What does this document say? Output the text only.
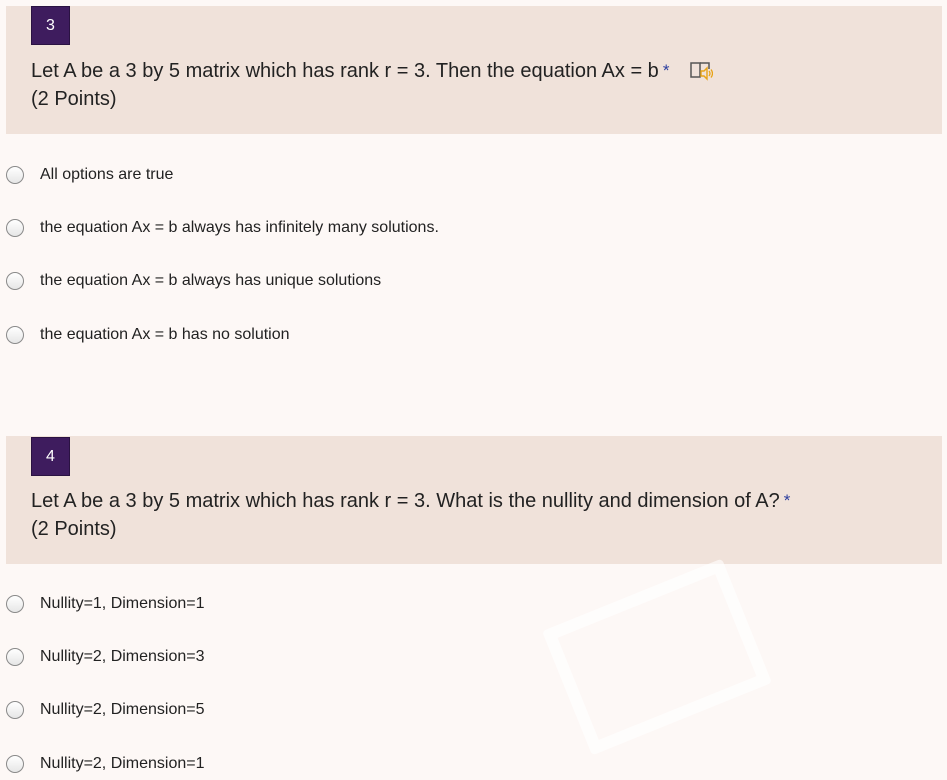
3
Let A be a 3 by 5 matrix which has rank r = 3. Then the equation Ax = b *
(2 Points)
All options are true
the equation Ax = b always has infinitely many solutions.
the equation Ax = b always has unique solutions
the equation Ax = b has no solution
4
Let A be a 3 by 5 matrix which has rank r = 3. What is the nullity and dimension of A? *
(2 Points)
Nullity=1, Dimension=1
Nullity=2, Dimension=3
Nullity=2, Dimension=5
Nullity=2, Dimension=1
